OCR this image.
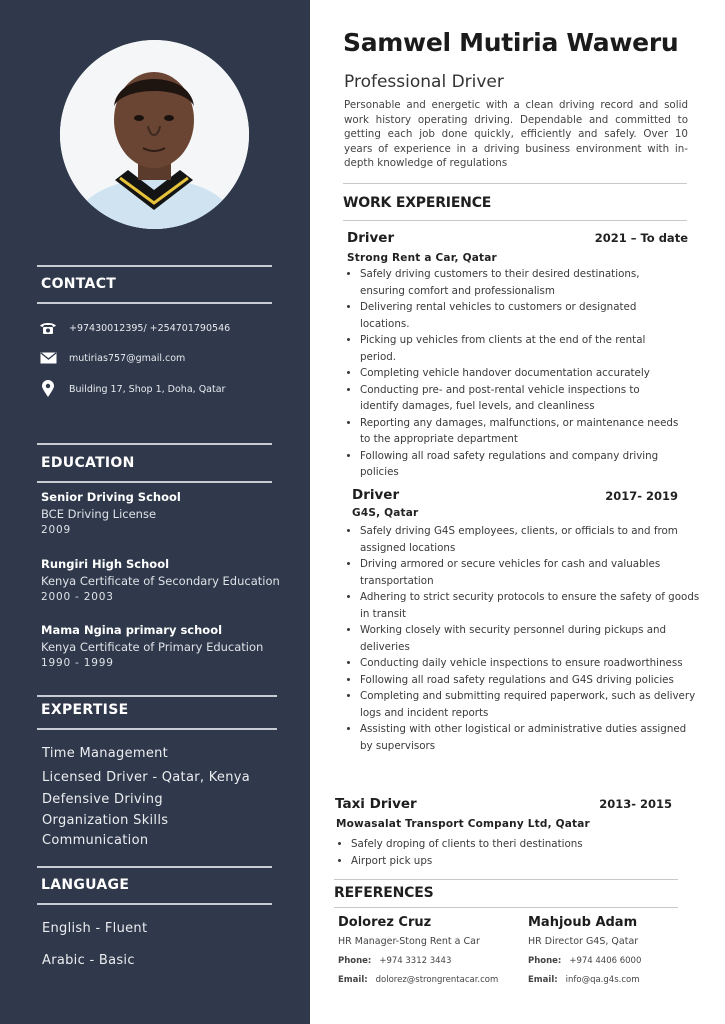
CONTACT
+97430012395/ +254701790546
mutirias757@gmail.com
Building 17, Shop 1, Doha, Qatar
EDUCATION
Senior Driving School
BCE Driving License
2009
Rungiri High School
Kenya Certificate of Secondary Education
2000 - 2003
Mama Ngina primary school
Kenya Certificate of Primary Education
1990 - 1999
EXPERTISE
Time Management
Licensed Driver - Qatar, Kenya
Defensive Driving
Organization Skills
Communication
LANGUAGE
English - Fluent
Arabic - Basic
Samwel Mutiria Waweru
Professional Driver
Personable and energetic with a clean driving record and solid work history operating driving. Dependable and committed to getting each job done quickly, efficiently and safely. Over 10 years of experience in a driving business environment with in-depth knowledge of regulations
WORK EXPERIENCE
Driver	2021 – To date
Strong Rent a Car, Qatar
• Safely driving customers to their desired destinations, ensuring comfort and professionalism
• Delivering rental vehicles to customers or designated locations.
• Picking up vehicles from clients at the end of the rental period.
• Completing vehicle handover documentation accurately
• Conducting pre- and post-rental vehicle inspections to identify damages, fuel levels, and cleanliness
• Reporting any damages, malfunctions, or maintenance needs to the appropriate department
• Following all road safety regulations and company driving policies
Driver	2017- 2019
G4S, Qatar
• Safely driving G4S employees, clients, or officials to and from assigned locations
• Driving armored or secure vehicles for cash and valuables transportation
• Adhering to strict security protocols to ensure the safety of goods in transit
• Working closely with security personnel during pickups and deliveries
• Conducting daily vehicle inspections to ensure roadworthiness
• Following all road safety regulations and G4S driving policies
• Completing and submitting required paperwork, such as delivery logs and incident reports
• Assisting with other logistical or administrative duties assigned by supervisors
Taxi Driver	2013- 2015
Mowasalat Transport Company Ltd, Qatar
• Safely droping of clients to theri destinations
• Airport pick ups
REFERENCES
Dolorez Cruz
HR Manager-Stong Rent a Car
Phone: +974 3312 3443
Email: dolorez@strongrentacar.com
Mahjoub Adam
HR Director G4S, Qatar
Phone: +974 4406 6000
Email: info@qa.g4s.com
